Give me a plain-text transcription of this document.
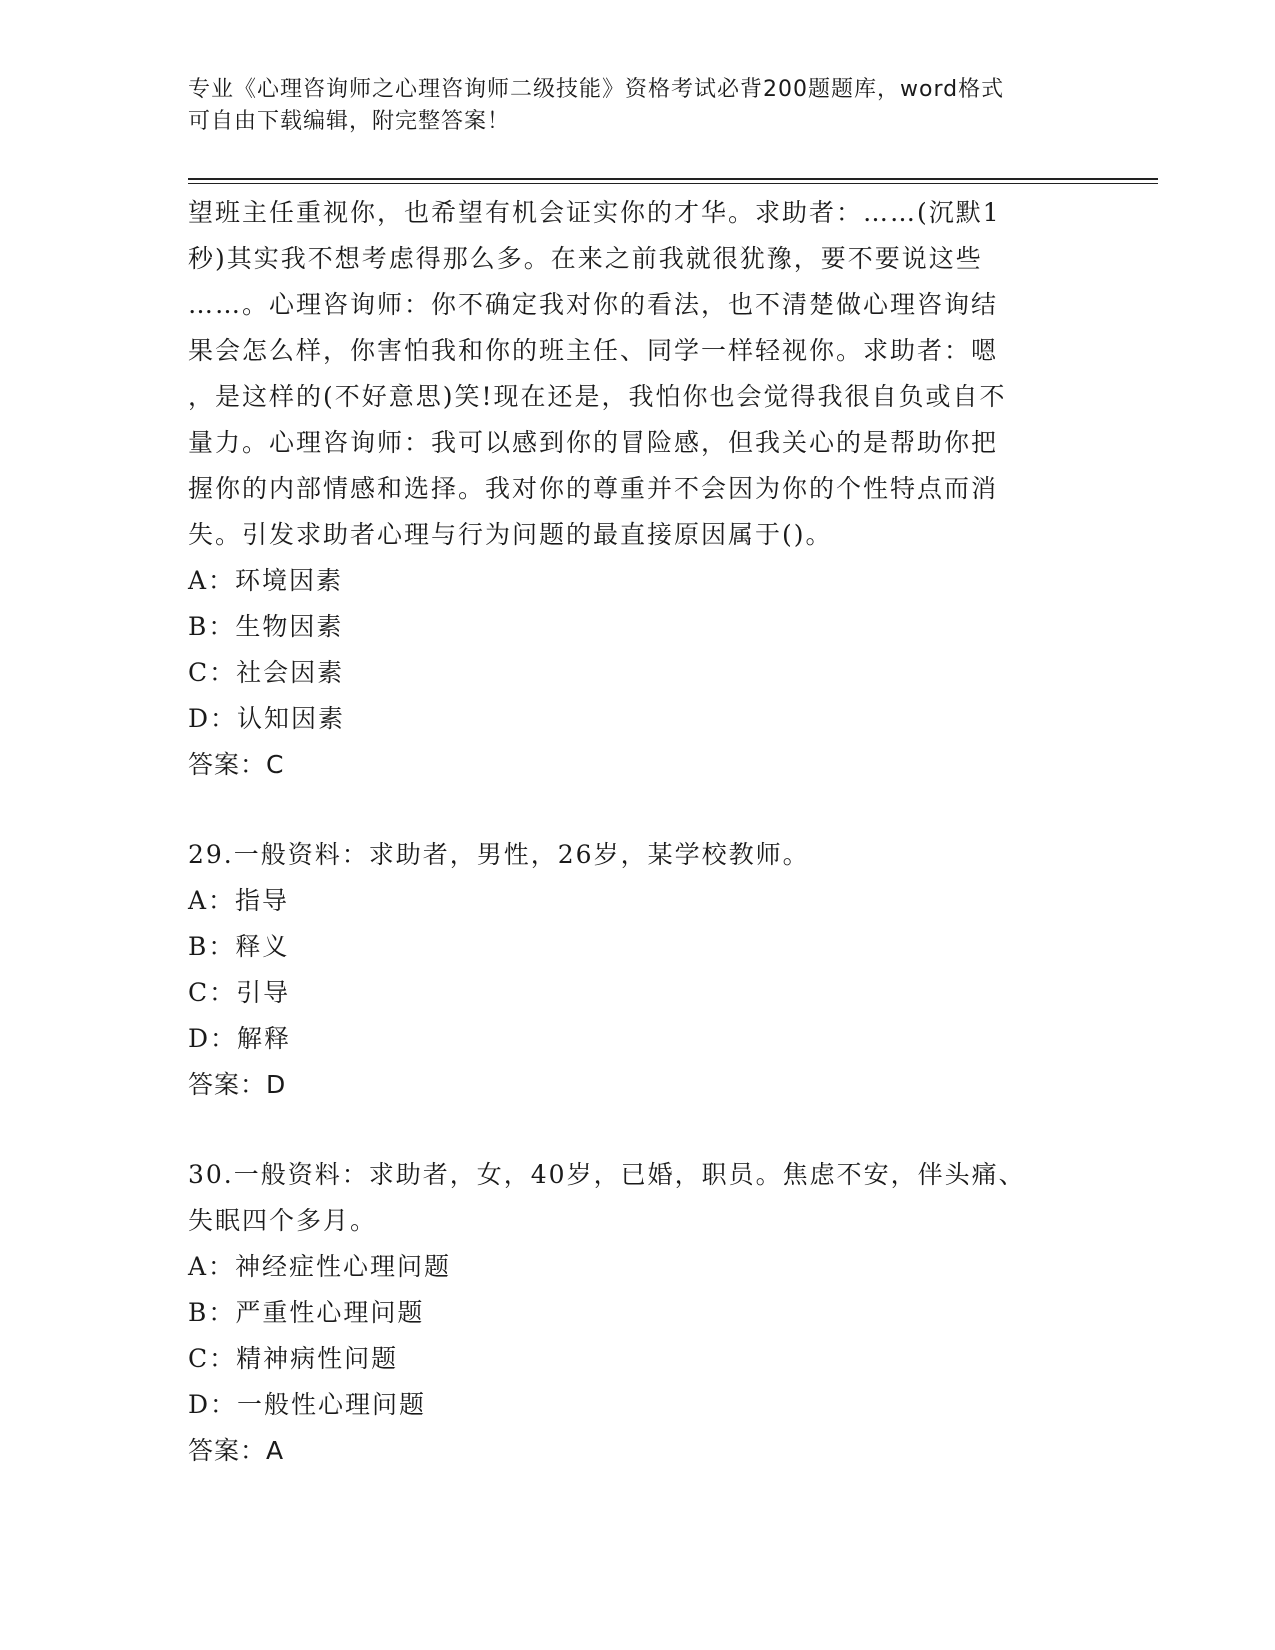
专业《心理咨询师之心理咨询师二级技能》资格考试必背200题题库，word格式
可自由下载编辑，附完整答案！
望班主任重视你，也希望有机会证实你的才华。求助者：……(沉默1
秒)其实我不想考虑得那么多。在来之前我就很犹豫，要不要说这些
……。心理咨询师：你不确定我对你的看法，也不清楚做心理咨询结
果会怎么样，你害怕我和你的班主任、同学一样轻视你。求助者：嗯
，是这样的(不好意思)笑!现在还是，我怕你也会觉得我很自负或自不
量力。心理咨询师：我可以感到你的冒险感，但我关心的是帮助你把
握你的内部情感和选择。我对你的尊重并不会因为你的个性特点而消
失。引发求助者心理与行为问题的最直接原因属于()。
A：环境因素
B：生物因素
C：社会因素
D：认知因素
答案：C
29.一般资料：求助者，男性，26岁，某学校教师。
A：指导
B：释义
C：引导
D：解释
答案：D
30.一般资料：求助者，女，40岁，已婚，职员。焦虑不安，伴头痛、
失眠四个多月。
A：神经症性心理问题
B：严重性心理问题
C：精神病性问题
D：一般性心理问题
答案：A
